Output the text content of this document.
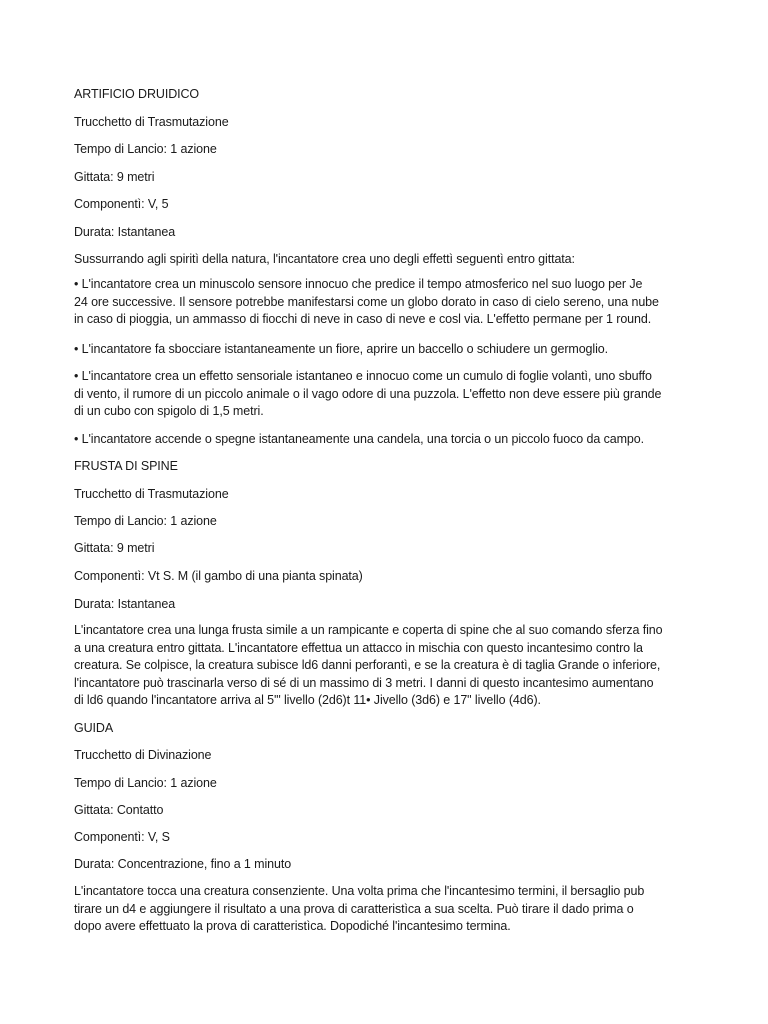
ARTIFICIO DRUIDICO

Trucchetto di Trasmutazione

Tempo di Lancio: 1 azione

Gittata: 9 metri

Componentì: V, 5

Durata: Istantanea

Sussurrando agli spiritì della natura, l'incantatore crea uno degli effettì seguentì entro gittata:

• L'incantatore crea un minuscolo sensore innocuo che predice il tempo atmosferico nel suo luogo per Je
24 ore successive. Il sensore potrebbe manifestarsi come un globo dorato in caso di cielo sereno, una nube
in caso di pioggia, un ammasso di fiocchi di neve in caso di neve e cosl via. L'effetto permane per 1 round.

• L'incantatore fa sbocciare istantaneamente un fiore, aprire un baccello o schiudere un germoglio.

• L'incantatore crea un effetto sensoriale istantaneo e innocuo come un cumulo di foglie volantì, uno sbuffo
di vento, il rumore di un piccolo animale o il vago odore di una puzzola. L'effetto non deve essere più grande
di un cubo con spigolo di 1,5 metri.

• L'incantatore accende o spegne istantaneamente una candela, una torcia o un piccolo fuoco da campo.

FRUSTA DI SPINE

Trucchetto di Trasmutazione

Tempo di Lancio: 1 azione

Gittata: 9 metri

Componentì: Vt S. M (il gambo di una pianta spinata)

Durata: Istantanea

L'incantatore crea una lunga frusta simile a un rampicante e coperta di spine che al suo comando sferza fino
a una creatura entro gittata. L'incantatore effettua un attacco in mischia con questo incantesimo contro la
creatura. Se colpisce, la creatura subisce ld6 danni perforantì, e se la creatura è di taglia Grande o inferiore,
l'incantatore può trascinarla verso di sé di un massimo di 3 metri. I danni di questo incantesimo aumentano
di ld6 quando l'incantatore arriva al 5'" livello (2d6)t 11• Jivello (3d6) e 17" livello (4d6).

GUIDA

Trucchetto di Divinazione

Tempo di Lancio: 1 azione

Gittata: Contatto

Componentì: V, S

Durata: Concentrazione, fino a 1 minuto

L'incantatore tocca una creatura consenziente. Una volta prima che l'incantesimo termini, il bersaglio pub
tirare un d4 e aggiungere il risultato a una prova di caratteristìca a sua scelta. Può tirare il dado prima o
dopo avere effettuato la prova di caratteristìca. Dopodiché l'incantesimo termina.
